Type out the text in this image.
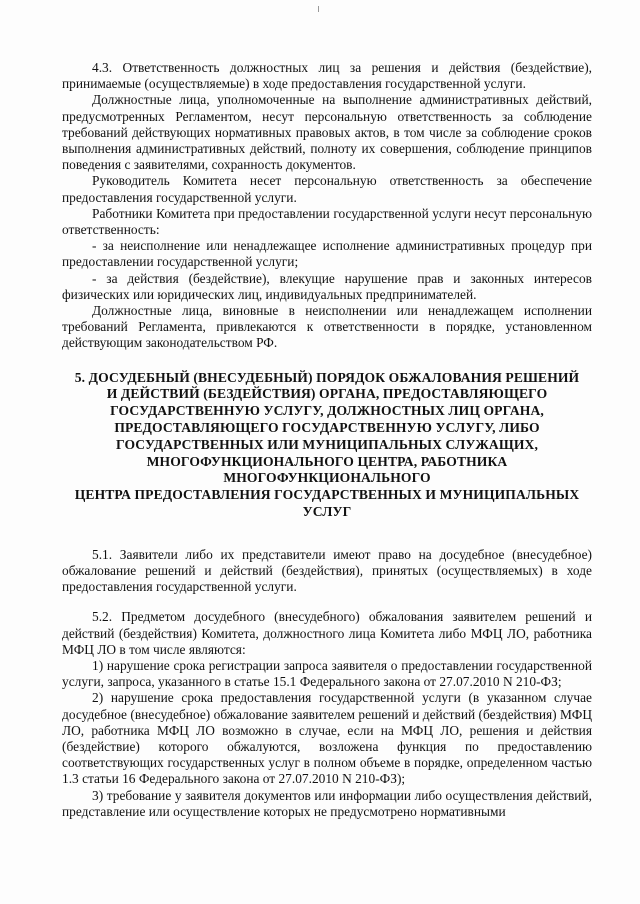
4.3. Ответственность должностных лиц за решения и действия (бездействие), принимаемые (осуществляемые) в ходе предоставления государственной услуги.

Должностные лица, уполномоченные на выполнение административных действий, предусмотренных Регламентом, несут персональную ответственность за соблюдение требований действующих нормативных правовых актов, в том числе за соблюдение сроков выполнения административных действий, полноту их совершения, соблюдение принципов поведения с заявителями, сохранность документов.

Руководитель Комитета несет персональную ответственность за обеспечение предоставления государственной услуги.

Работники Комитета при предоставлении государственной услуги несут персональную ответственность:

- за неисполнение или ненадлежащее исполнение административных процедур при предоставлении государственной услуги;

- за действия (бездействие), влекущие нарушение прав и законных интересов физических или юридических лиц, индивидуальных предпринимателей.

Должностные лица, виновные в неисполнении или ненадлежащем исполнении требований Регламента, привлекаются к ответственности в порядке, установленном действующим законодательством РФ.

5. ДОСУДЕБНЫЙ (ВНЕСУДЕБНЫЙ) ПОРЯДОК ОБЖАЛОВАНИЯ РЕШЕНИЙ
И ДЕЙСТВИЙ (БЕЗДЕЙСТВИЯ) ОРГАНА, ПРЕДОСТАВЛЯЮЩЕГО
ГОСУДАРСТВЕННУЮ УСЛУГУ, ДОЛЖНОСТНЫХ ЛИЦ ОРГАНА,
ПРЕДОСТАВЛЯЮЩЕГО ГОСУДАРСТВЕННУЮ УСЛУГУ, ЛИБО
ГОСУДАРСТВЕННЫХ ИЛИ МУНИЦИПАЛЬНЫХ СЛУЖАЩИХ,
МНОГОФУНКЦИОНАЛЬНОГО ЦЕНТРА, РАБОТНИКА
МНОГОФУНКЦИОНАЛЬНОГО
ЦЕНТРА ПРЕДОСТАВЛЕНИЯ ГОСУДАРСТВЕННЫХ И МУНИЦИПАЛЬНЫХ
УСЛУГ

5.1. Заявители либо их представители имеют право на досудебное (внесудебное) обжалование решений и действий (бездействия), принятых (осуществляемых) в ходе предоставления государственной услуги.

5.2. Предметом досудебного (внесудебного) обжалования заявителем решений и действий (бездействия) Комитета, должностного лица Комитета либо МФЦ ЛО, работника МФЦ ЛО в том числе являются:

1) нарушение срока регистрации запроса заявителя о предоставлении государственной услуги, запроса, указанного в статье 15.1 Федерального закона от 27.07.2010 N 210-ФЗ;

2) нарушение срока предоставления государственной услуги (в указанном случае досудебное (внесудебное) обжалование заявителем решений и действий (бездействия) МФЦ ЛО, работника МФЦ ЛО возможно в случае, если на МФЦ ЛО, решения и действия (бездействие) которого обжалуются, возложена функция по предоставлению соответствующих государственных услуг в полном объеме в порядке, определенном частью 1.3 статьи 16 Федерального закона от 27.07.2010 N 210-ФЗ);

3) требование у заявителя документов или информации либо осуществления действий, представление или осуществление которых не предусмотрено нормативными
